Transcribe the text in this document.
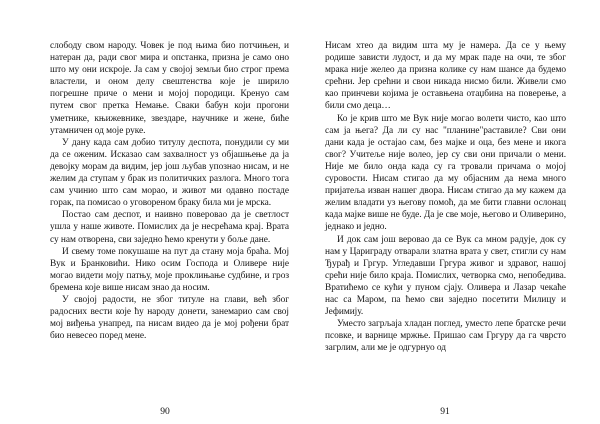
слободу свом народу. Човек је под њима био потчињен, и натеран да, ради свог мира и опстанка, призна је само оно што му они искроје. Ја сам у својој земљи био строг према властели, и оном делу свештенства које је ширило погрешне приче о мени и мојој породици. Кренуо сам путем свог претка Немање. Сваки бабун који прогони уметнике, књижевнике, звездаре, научнике и жене, биће утамничен од моје руке.

У дану када сам добио титулу деспота, понудили су ми да се оженим. Исказао сам захвалност уз објашњење да ја девојку морам да видим, јер још љубав упознао нисам, и не желим да ступам у брак из политичких разлога. Много тога сам учинио што сам морао, и живот ми одавно постаде горак, па помисао о уговореном браку била ми је мрска.

Постао сам деспот, и наивно поверовао да је светлост ушла у наше животе. Помислих да је несрећама крај. Врата су нам отворена, сви заједно ћемо кренути у боље дане.

И свему томе покушаше на пут да стану моја браћа. Мој Вук и Бранковићи. Нико осим Господа и Оливере није могао видети мојy патњу, моје проклињање судбине, и гроз бремена које више нисам знао да носим.

У својој радости, не због титуле на глави, већ због радосних вести које ћу народу донети, занемарио сам свој мој виђења унапред, па нисам видео да је мој рођени брат био невесео поред мене.

90

Нисам хтео да видим шта му је намера. Да се у њему родише зависти лудост, и да му мрак паде на очи, те због мрака није желео да призна колике су нам шансе да будемо срећни. Јер срећни и свои никада нисмо били. Живели смо као принчеви којима је оставњена отаџбина на поверење, а били смо деца…

Ко је крив што ме Вук није могао волети чисто, као што сам ја њега? Да ли су нас "планине"раставиле? Сви они дани када је остајао сам, без мајке и оца, без мене и икога свог? Учитеље није волео, јер су сви они причали о мени. Није ме било онда када су га тровали причама о мојој суровости. Нисам стигао да му објасним да нема много пријатеља изван нашег двора. Нисам стигао да му кажем да желим владати уз његову помоћ, да ме бити главни ослонац када мајке више не буде. Да је све моје, његово и Оливерино, једнако и једно.

И док сам још веровао да се Вук са мном радује, док су нам у Цариграду отварали златна врата у свет, стигли су нам Ђурађ и Гргур. Угледавши Гргура живог и здравог, нашој срећи није било краја. Помислих, четворка смо, непобедива. Вратићемо се кући у пуном сјају. Оливера и Лазар чекаће нас са Маром, па ћемо сви заједно посетити Милицу и Јефимију.

Уместо загрљаја хладан поглед, уместо лепе братске речи псовке, и варнице мржње. Пришао сам Гргуру да га чврсто загрлим, али ме је одгурнуо од

91
